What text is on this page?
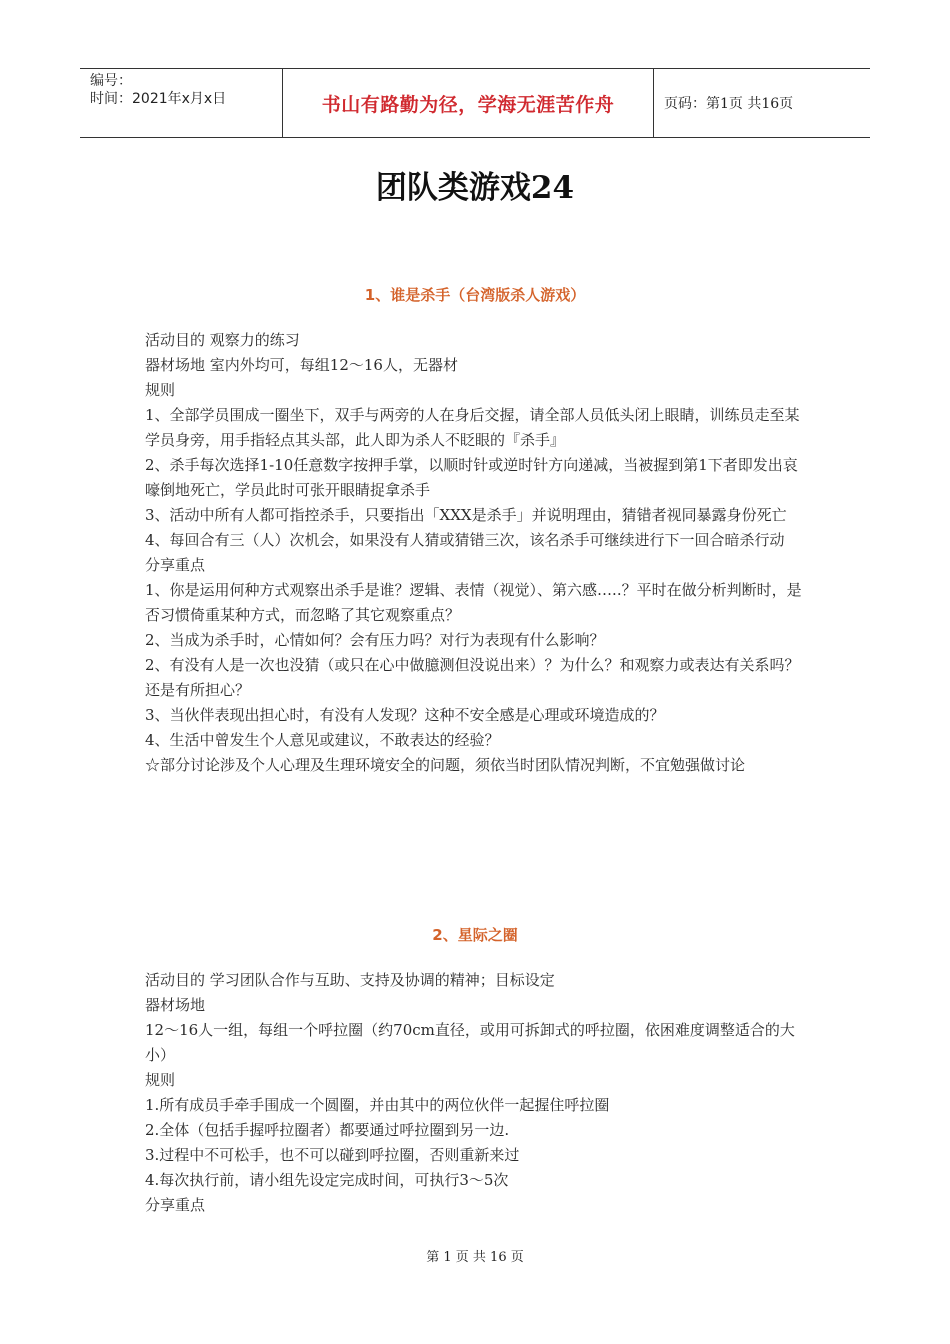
编号：
时间：2021年x月x日	书山有路勤为径，学海无涯苦作舟	页码：第1页 共16页
团队类游戏24
1、谁是杀手（台湾版杀人游戏）

活动目的 观察力的练习

器材场地 室内外均可，每组12～16人，无器材

规则

1、全部学员围成一圈坐下，双手与两旁的人在身后交握，请全部人员低头闭上眼睛，训练员走至某学员身旁，用手指轻点其头部，此人即为杀人不眨眼的『杀手』

2、杀手每次选择1-10任意数字按押手掌，以顺时针或逆时针方向递减，当被握到第1下者即发出哀嚎倒地死亡，学员此时可张开眼睛捉拿杀手

3、活动中所有人都可指控杀手，只要指出「XXX是杀手」并说明理由，猜错者视同暴露身份死亡

4、每回合有三（人）次机会，如果没有人猜或猜错三次，该名杀手可继续进行下一回合暗杀行动

分享重点

1、你是运用何种方式观察出杀手是谁？逻辑、表情（视觉）、第六感…..？平时在做分析判断时，是否习惯倚重某种方式，而忽略了其它观察重点？

2、当成为杀手时，心情如何？会有压力吗？对行为表现有什么影响？

2、有没有人是一次也没猜（或只在心中做臆测但没说出来）？为什么？和观察力或表达有关系吗？还是有所担心？

3、当伙伴表现出担心时，有没有人发现？这种不安全感是心理或环境造成的？

4、生活中曾发生个人意见或建议，不敢表达的经验？

☆部分讨论涉及个人心理及生理环境安全的问题，须依当时团队情况判断，不宜勉强做讨论

2、星际之圈

活动目的 学习团队合作与互助、支持及协调的精神；目标设定

器材场地

12～16人一组，每组一个呼拉圈（约70cm直径，或用可拆卸式的呼拉圈，依困难度调整适合的大小）

规则

1.所有成员手牵手围成一个圆圈，并由其中的两位伙伴一起握住呼拉圈

2.全体（包括手握呼拉圈者）都要通过呼拉圈到另一边.

3.过程中不可松手，也不可以碰到呼拉圈，否则重新来过

4.每次执行前，请小组先设定完成时间，可执行3～5次

分享重点

第 1 页 共 16 页
